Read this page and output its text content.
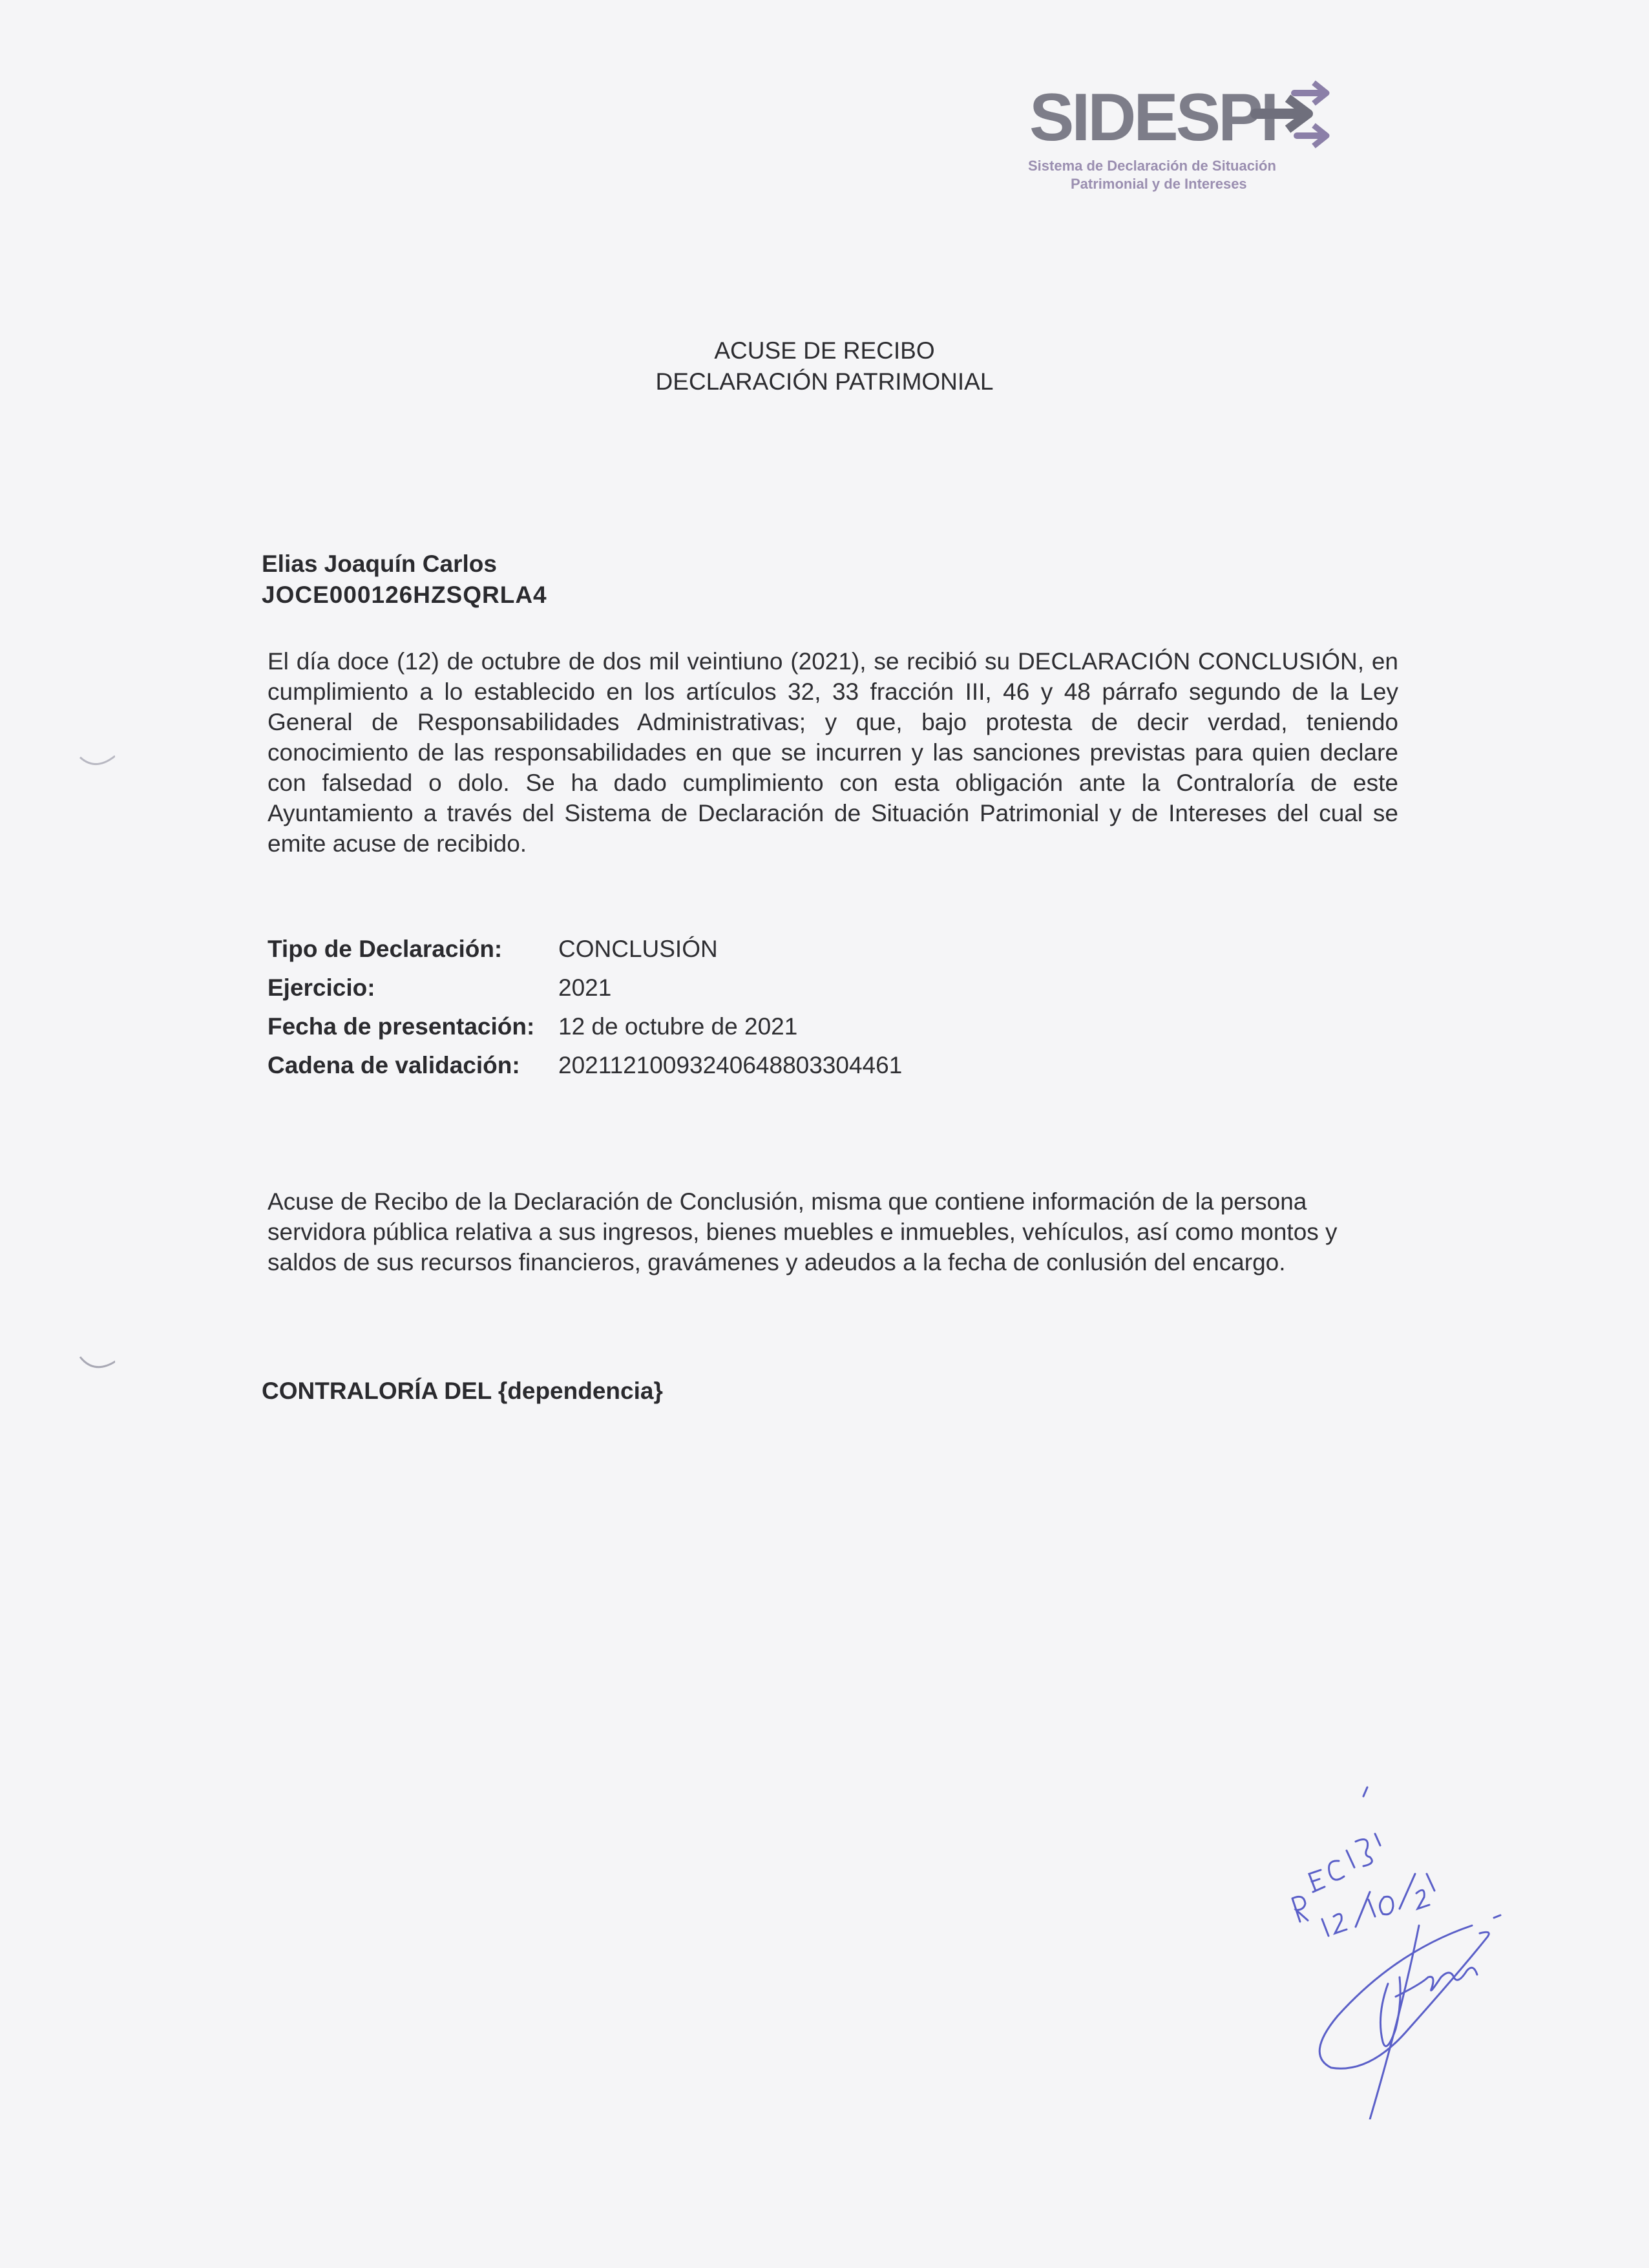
SIDESPI
Sistema de Declaración de Situación
Patrimonial y de Intereses
ACUSE DE RECIBO
DECLARACIÓN PATRIMONIAL
Elias Joaquín Carlos
JOCE000126HZSQRLA4
El día doce (12) de octubre de dos mil veintiuno (2021), se recibió su DECLARACIÓN CONCLUSIÓN, en cumplimiento a lo establecido en los artículos 32, 33 fracción III, 46 y 48 párrafo segundo de la Ley General de Responsabilidades Administrativas; y que, bajo protesta de decir verdad, teniendo conocimiento de las responsabilidades en que se incurren y las sanciones previstas para quien declare con falsedad o dolo. Se ha dado cumplimiento con esta obligación ante la Contraloría de este Ayuntamiento a través del Sistema de Declaración de Situación Patrimonial y de Intereses del cual se emite acuse de recibido.
Tipo de Declaración: CONCLUSIÓN
Ejercicio:	2021
Fecha de presentación: 12 de octubre de 2021
Cadena de validación: 20211210093240648803304461
Acuse de Recibo de la Declaración de Conclusión, misma que contiene información de la persona servidora pública relativa a sus ingresos, bienes muebles e inmuebles, vehículos, así como montos y saldos de sus recursos financieros, gravámenes y adeudos a la fecha de conlusión del encargo.
CONTRALORÍA DEL {dependencia}
